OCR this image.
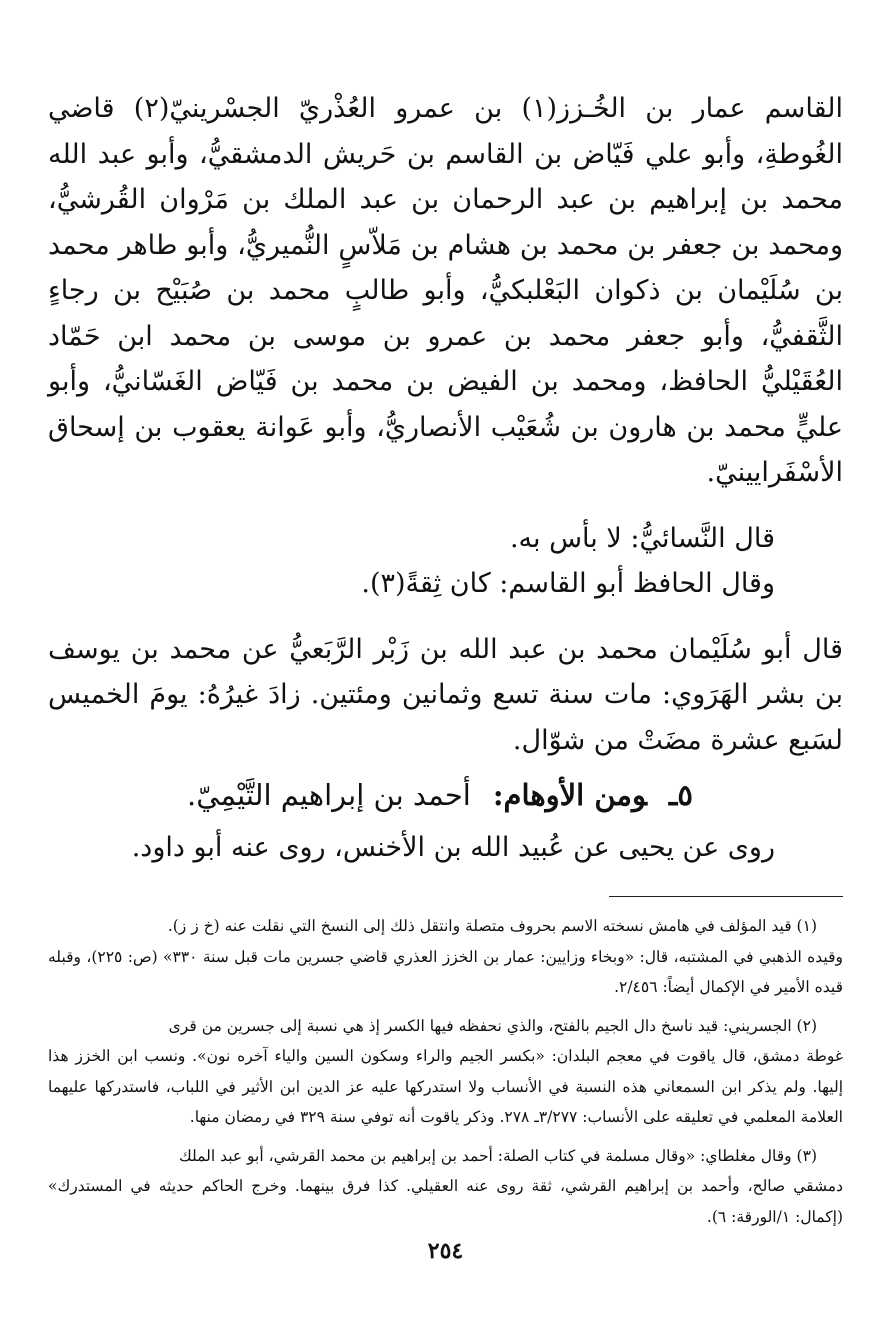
القاسم عمار بن الخُـزز(١) بن عمرو العُذْريّ الجسْرينيّ(٢) قاضي الغُوطةِ، وأبو علي فَيّاض بن القاسم بن حَريش الدمشقيُّ، وأبو عبد الله محمد بن إبراهيم بن عبد الرحمان بن عبد الملك بن مَرْوان القُرشيُّ، ومحمد بن جعفر بن محمد بن هشام بن مَلاّسٍ النُّميريُّ، وأبو طاهر محمد بن سُلَيْمان بن ذكوان البَعْلبكيُّ، وأبو طالبٍ محمد بن صُبَيْح بن رجاءٍ الثَّقفيُّ، وأبو جعفر محمد بن عمرو بن موسى بن محمد ابن حَمّاد العُقَيْليُّ الحافظ، ومحمد بن الفيض بن محمد بن فَيّاض الغَسّانيُّ، وأبو عليٍّ محمد بن هارون بن شُعَيْب الأنصاريُّ، وأبو عَوانة يعقوب بن إسحاق الأسْفَرايينيّ.

قال النَّسائيُّ: لا بأس به.

وقال الحافظ أبو القاسم: كان ثِقةً(٣).

قال أبو سُلَيْمان محمد بن عبد الله بن زَبْر الرَّبَعيُّ عن محمد بن يوسف بن بشر الهَرَوي: مات سنة تسع وثمانين ومئتين. زادَ غيرُهُ: يومَ الخميس لسَبع عشرة مضَتْ من شوّال.

٥ـومن الأوهام:أحمد بن إبراهيم التَّيْمِيّ.

روى عن يحيى عن عُبيد الله بن الأخنس، روى عنه أبو داود.

(١) قيد المؤلف في هامش نسخته الاسم بحروف متصلة وانتقل ذلك إلى النسخ التي نقلت عنه (خ ز ز).

وقيده الذهبي في المشتبه، قال: «وبخاء وزايين: عمار بن الخزز العذري قاضي جسرين مات قبل سنة ٣٣٠» (ص: ٢٢٥)، وقبله قيده الأمير في الإكمال أيضاً: ٢/٤٥٦.

(٢) الجسريني: قيد ناسخ دال الجيم بالفتح، والذي نحفظه فيها الكسر إذ هي نسبة إلى جسرين من قرى

غوطة دمشق، قال ياقوت في معجم البلدان: «بكسر الجيم والراء وسكون السين والياء آخره نون». ونسب ابن الخزز هذا إليها. ولم يذكر ابن السمعاني هذه النسبة في الأنساب ولا استدركها عليه عز الدين ابن الأثير في اللباب، فاستدركها عليهما العلامة المعلمي في تعليقه على الأنساب: ٣/٢٧٧ـ ٢٧٨. وذكر ياقوت أنه توفي سنة ٣٢٩ في رمضان منها.

(٣) وقال مغلطاي: «وقال مسلمة في كتاب الصلة: أحمد بن إبراهيم بن محمد القرشي، أبو عبد الملك

دمشقي صالح، وأحمد بن إبراهيم القرشي، ثقة روى عنه العقيلي. كذا فرق بينهما. وخرج الحاكم حديثه في المستدرك» (إكمال: ١/الورقة: ٦).

٢٥٤
